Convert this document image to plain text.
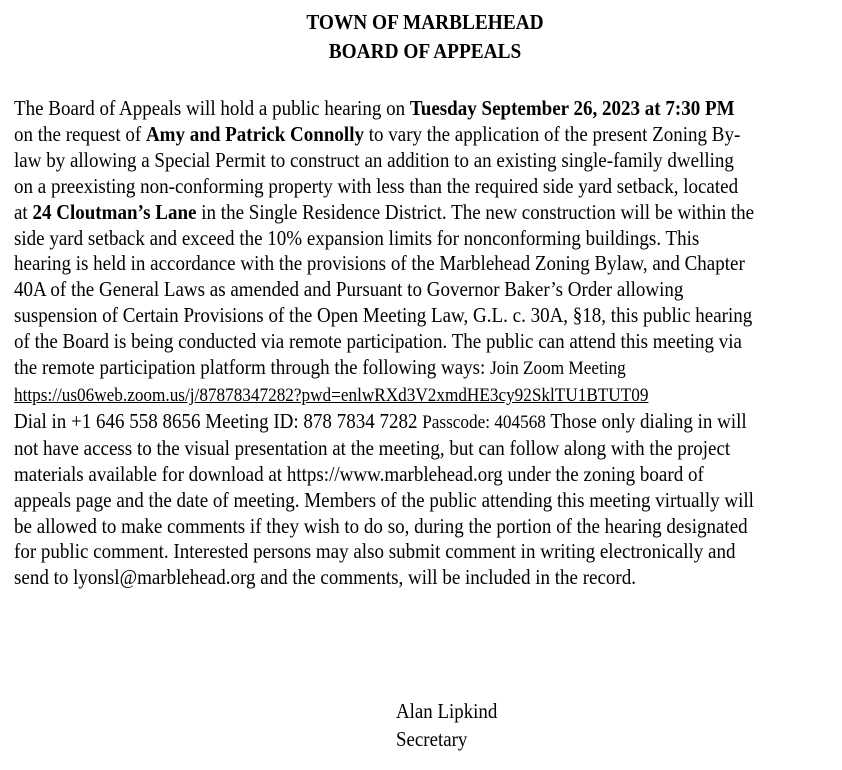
TOWN OF MARBLEHEAD
BOARD OF APPEALS
The Board of Appeals will hold a public hearing on Tuesday September 26, 2023 at 7:30 PM
on the request of Amy and Patrick Connolly to vary the application of the present Zoning By-
law by allowing a Special Permit to construct an addition to an existing single-family dwelling
on a preexisting non-conforming property with less than the required side yard setback, located
at 24 Cloutman’s Lane in the Single Residence District. The new construction will be within the
side yard setback and exceed the 10% expansion limits for nonconforming buildings. This
hearing is held in accordance with the provisions of the Marblehead Zoning Bylaw, and Chapter
40A of the General Laws as amended and Pursuant to Governor Baker’s Order allowing
suspension of Certain Provisions of the Open Meeting Law, G.L. c. 30A, §18, this public hearing
of the Board is being conducted via remote participation. The public can attend this meeting via
the remote participation platform through the following ways: Join Zoom Meeting
https://us06web.zoom.us/j/87878347282?pwd=enlwRXd3V2xmdHE3cy92SklTU1BTUT09
Dial in +1 646 558 8656 Meeting ID: 878 7834 7282 Passcode: 404568 Those only dialing in will
not have access to the visual presentation at the meeting, but can follow along with the project
materials available for download at https://www.marblehead.org under the zoning board of
appeals page and the date of meeting. Members of the public attending this meeting virtually will
be allowed to make comments if they wish to do so, during the portion of the hearing designated
for public comment. Interested persons may also submit comment in writing electronically and
send to lyonsl@marblehead.org and the comments, will be included in the record.
Alan Lipkind
Secretary
